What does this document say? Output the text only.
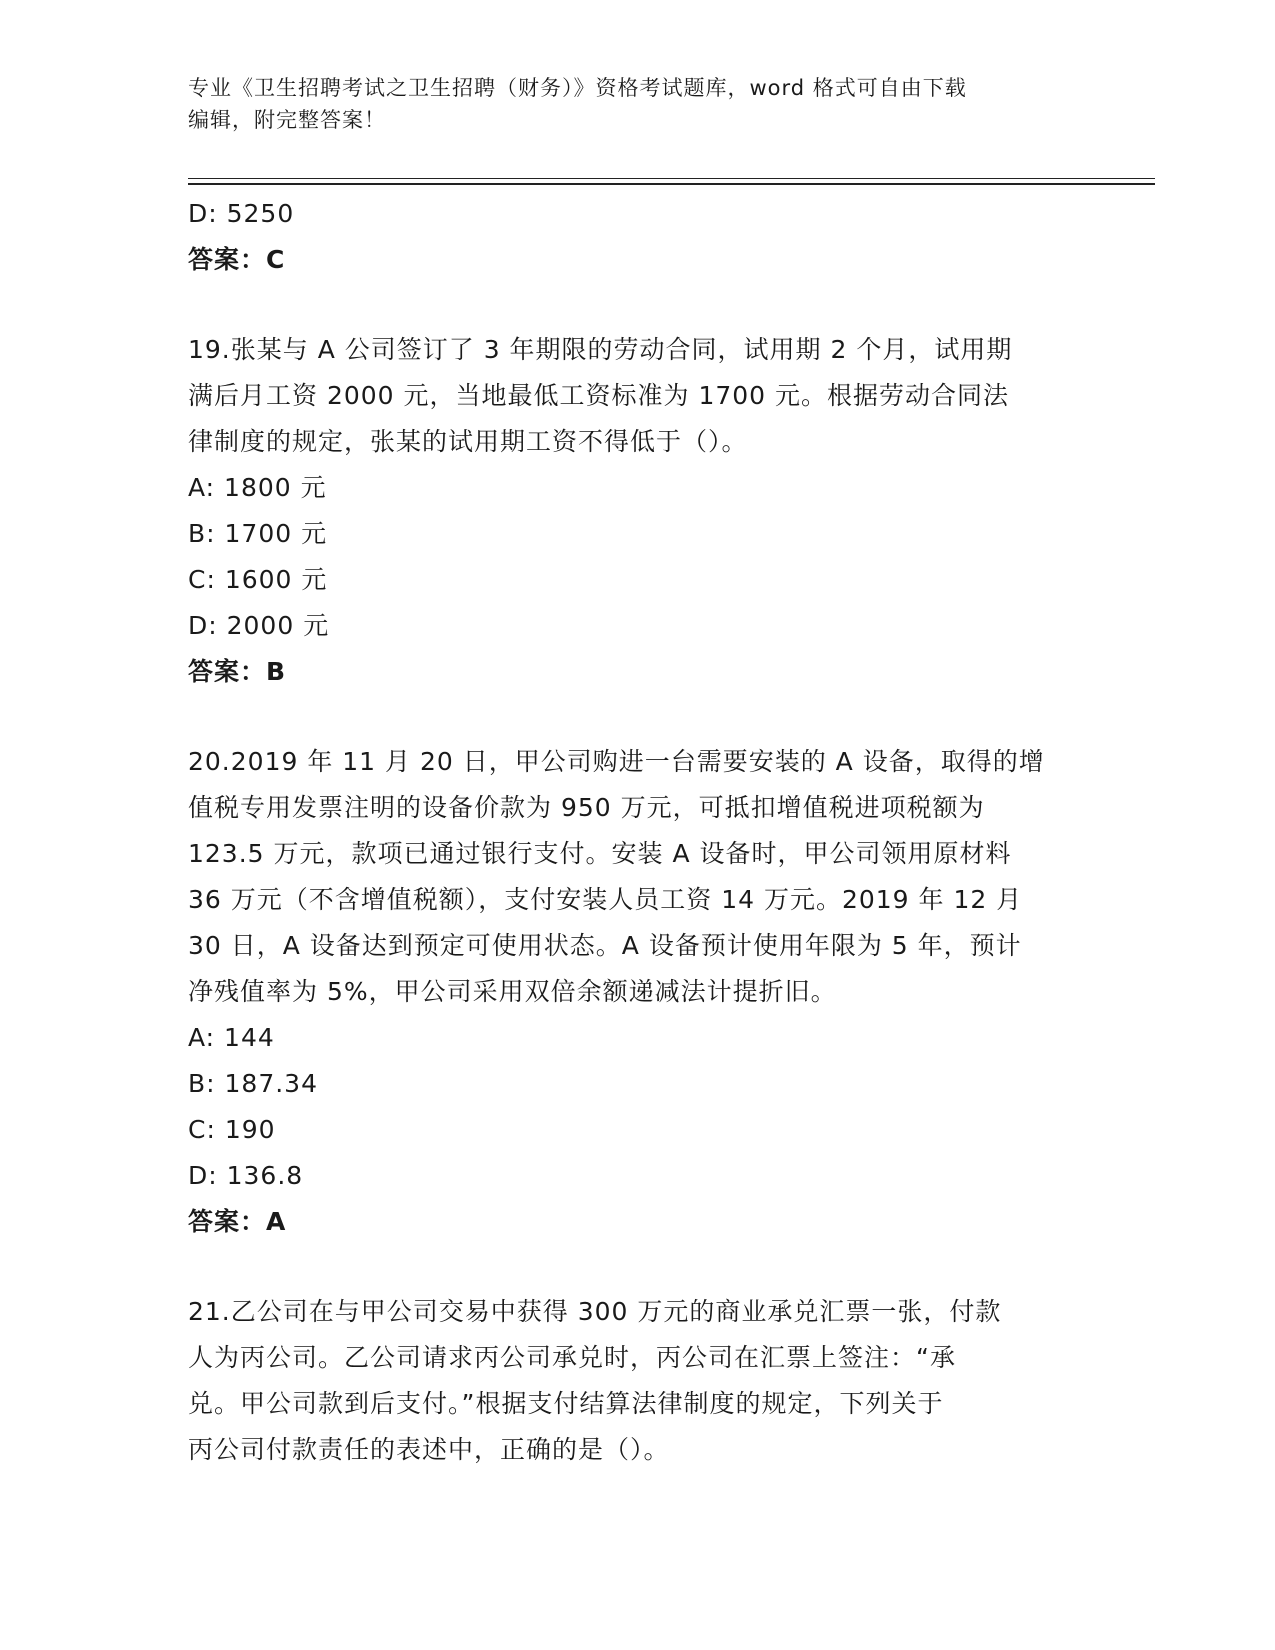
专业《卫生招聘考试之卫生招聘（财务）》资格考试题库，word 格式可自由下载
编辑，附完整答案！
D: 5250
答案：C
19.张某与 A 公司签订了 3 年期限的劳动合同，试用期 2 个月，试用期
满后月工资 2000 元，当地最低工资标准为 1700 元。根据劳动合同法
律制度的规定，张某的试用期工资不得低于（）。
A: 1800 元
B: 1700 元
C: 1600 元
D: 2000 元
答案：B
20.2019 年 11 月 20 日，甲公司购进一台需要安装的 A 设备，取得的增
值税专用发票注明的设备价款为 950 万元，可抵扣增值税进项税额为
123.5 万元，款项已通过银行支付。安装 A 设备时，甲公司领用原材料
36 万元（不含增值税额），支付安装人员工资 14 万元。2019 年 12 月
30 日，A 设备达到预定可使用状态。A 设备预计使用年限为 5 年，预计
净残值率为 5%，甲公司采用双倍余额递减法计提折旧。
A: 144
B: 187.34
C: 190
D: 136.8
答案：A
21.乙公司在与甲公司交易中获得 300 万元的商业承兑汇票一张，付款
人为丙公司。乙公司请求丙公司承兑时，丙公司在汇票上签注：“承
兑。甲公司款到后支付。”根据支付结算法律制度的规定，下列关于
丙公司付款责任的表述中，正确的是（）。
